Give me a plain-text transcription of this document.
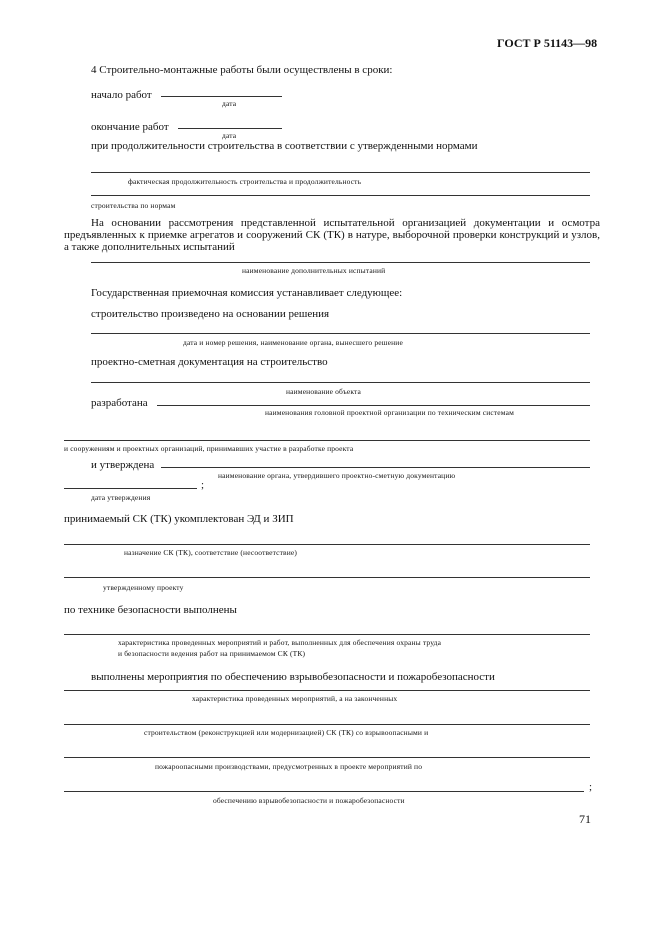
ГОСТ Р 51143—98
4 Строительно-монтажные работы были осуществлены в сроки:
начало работ
дата
окончание работ
дата
при продолжительности строительства в соответствии с утвержденными нормами
фактическая продолжительность строительства и продолжительность
строительства по нормам
На основании рассмотрения представленной испытательной организацией документации и осмотра предъявленных к приемке агрегатов и сооружений СК (ТК) в натуре, выборочной проверки конструкций и узлов, а также дополнительных испытаний
наименование дополнительных испытаний
Государственная приемочная комиссия устанавливает следующее:
строительство произведено на основании решения
дата и номер решения, наименование органа, вынесшего решение
проектно-сметная документация на строительство
наименование объекта
разработана
наименования головной проектной организации по техническим системам
и сооружениям и проектных организаций, принимавших участие в разработке проекта
и утверждена
наименование органа, утвердившего проектно-сметную документацию
;
дата утверждения
принимаемый СК (ТК) укомплектован ЭД и ЗИП
назначение СК (ТК), соответствие (несоответствие)
утвержденному проекту
по технике безопасности выполнены
характеристика проведенных мероприятий и работ, выполненных для обеспечения охраны труда
и безопасности ведения работ на принимаемом СК (ТК)
выполнены мероприятия по обеспечению взрывобезопасности и пожаробезопасности
характеристика проведенных мероприятий, а на законченных
строительством (реконструкцией или модернизацией) СК (ТК) со взрывоопасными и
пожароопасными производствами, предусмотренных в проекте мероприятий по
;
обеспечению взрывобезопасности и пожаробезопасности
71
